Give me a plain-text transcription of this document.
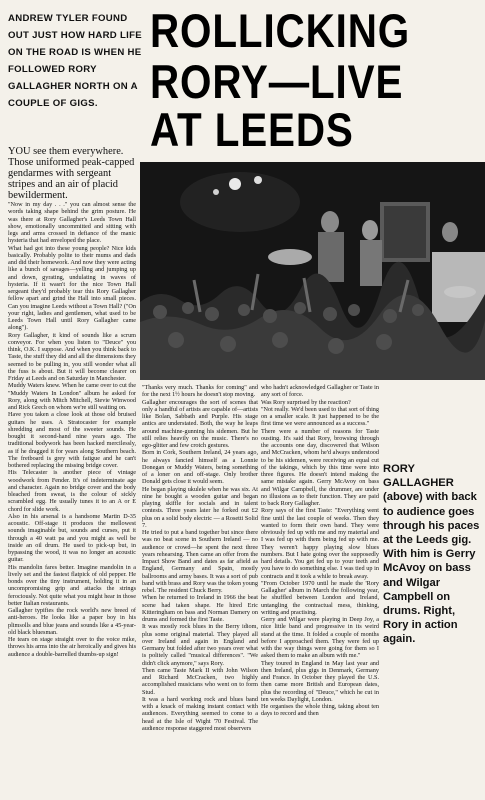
ANDREW TYLER FOUND OUT JUST HOW HARD LIFE ON THE ROAD IS WHEN HE FOLLOWED RORY GALLAGHER NORTH ON A COUPLE OF GIGS.
ROLLICKING
RORY—LIVE
AT LEEDS
RORY GALLAGHER (above) with back to audience goes through his paces at the Leeds gig. With him is Gerry McAvoy on bass and Wilgar Campbell on drums. Right, Rory in action again.

YOU see them everywhere. Those uniformed peak-capped gendarmes with sergeant stripes and an air of placid bewilderment.

"Now in my day . . ." you can almost sense the words taking shape behind the grim posture. He was there at Rory Gallagher's Leeds Town Hall show, emotionally uncommitted and sitting with legs and arms crossed in defiance of the manic hysteria that had enveloped the place.

What had got into these young people? Nice kids basically. Probably polite to their mums and dads and did their homework. And now they were acting like a bunch of savages—yelling and jumping up and down, gyrating, undulating in waves of hysteria. If it wasn't for the nice Town Hall sergeant they'd probably tear this Rory Gallagher fellow apart and grind the Hall into small pieces. Can you imagine Leeds without a Town Hall? ("On your right, ladies and gentlemen, what used to be Leeds Town Hall until Rory Gallagher came along").

Rory Gallagher, it kind of sounds like a scrum conveyor. For when you listen to "Deuce" you think, O.K. I suppose. And when you think back to Taste, the stuff they did and all the dimensions they seemed to be pulling in, you still wonder what all the fuss is about. But it will become clearer on Friday at Leeds and on Saturday in Manchester.

Muddy Waters knew. When he came over to cut the "Muddy Waters In London" album he asked for Rory, along with Mitch Mitchell, Stevie Winwood and Rick Grech on whom we're still waiting on.

Have you taken a close look at those old bruised guitars he uses. A Stratocaster for example shredding and most of the sweeter sounds. He bought it second-hand nine years ago. The traditional bodywork has been hacked mercilessly, as if he dragged it for years along Southern beach. The fretboard is grey with fatigue and he can't bothered replacing the missing bridge cover.

His Telecaster is another piece of vintage woodwork from Fender. It's of indeterminate age and character. Again no bridge cover and the body bleached from sweat, is the colour of sickly scrambled egg. He usually tunes it to an A or E chord for slide work.

Also in his arsenal is a handsome Martin D-35 acoustic. Off-stage it produces the mellowest sounds imaginable but, sounds and curses, put it through a 40 watt pa and you might as well be inside an oil drum. He used to pick-up but, in bypassing the wood, it was no longer an acoustic guitar.

His mandolin fares better. Imagine mandolin in a lively set and the fastest flatpick of old pepper. He bonds over the tiny instrument, holding it in an uncompromising grip and attacks the strings ferociously. Not quite what you might hear in those better Italian restaurants.

Gallagher typifies the rock world's new breed of anti-heroes. He looks like a paper boy in his plimsolls and blue jeans and sounds like a 45-year-old black bluesman.

He tears on stage straight over to the voice mike, throws his arms into the air heroically and gives his audience a double-barrelled thumbs-up sign!

"Thanks very much. Thanks for coming" and for the next 1½ hours he doesn't stop moving.

Gallagher encourages the sort of scenes that only a handful of artists are capable of—artists like Bolan, Sabbath and Purple. His stage antics are understated. Both, the way he leaps around machine-gunning his sidemen. But he still relies heavily on the music. There's no ego-glitter and few crotch gestures.

Born in Cork, Southern Ireland, 24 years ago, he always fancied himself as a Lonnie Donegan or Muddy Waters, being something of a loner on and off-stage. Only brother Donald gets close it would seem.

He began playing ukulele when he was six. At nine he bought a wooden guitar and began playing skiffle for socials and in talent contests. Three years later he forked out £2 plus on a solid body electric — a Rosetti Solid 7.

He tried to put a band together but since there was no beat scene in Southern Ireland — no audience or crowd—he spent the next three years rehearsing. Then came an offer from the Impact Show Band and dates as far afield as England, Germany and Spain, mostly ballrooms and army bases. It was a sort of pub band with brass and Rory was the token young rebel. The resident Chuck Berry.

When he returned to Ireland in 1966 the beat scene had taken shape. He hired Eric Kitteringham on bass and Norman Damery on drums and formed the first Taste.

It was mostly rock blues in the Berry idiom, plus some original material. They played all over Ireland and again in England and Germany but folded after two years over what is politely called "musical differences". "We didn't click anymore," says Rory.

Then came Taste Mark II with John Wilson and Richard McCracken, two highly accomplished musicians who went on to form Stud.

It was a hard working rock and blues band with a knack of making instant contact with audiences. Everything seemed to come to a head at the Isle of Wight '70 Festival. The audience response staggered most observers

who hadn't acknowledged Gallagher or Taste in any sort of force.

Was Rory surprised by the reaction?

"Not really. We'd been used to that sort of thing on a smaller scale. It just happened to be the first time we were announced as a success."

There were a number of reasons for Taste ousting. It's said that Rory, browsing through the accounts one day, discovered that Wilson and McCracken, whom he'd always understood to be his sidemen, were receiving an equal cut of the takings, which by this time were into three figures. He doesn't intend making the same mistake again. Gerry McAvoy on bass and Wilgar Campbell, the drummer, are under no illusions as to their function. They are paid to back Rory Gallagher.

Rory says of the first Taste: "Everything went fine until the last couple of weeks. Then they wanted to form their own band. They were obviously fed up with me and my material and I was fed up with them being fed up with me. They weren't happy playing slow blues numbers. But I hate going over the supposedly hard details. You get fed up to your teeth and you have to do something else. I was tied up in contracts and it took a while to break away.

"From October 1970 until he made the 'Rory Gallagher' album in March the following year, he shuffled between London and Ireland, untangling the contractual mess, thinking, writing and practising.

Gerry and Wilgar were playing in Deep Joy, a nice little band and progressive in its weird stand at the time. It folded a couple of months before I approached them. They were fed up with the way things were going for them so I asked them to make an album with me."

They toured in England in May last year and then Ireland, plus gigs in Denmark, Germany and France. In October they played the U.S. then came more British and European dates, plus the recording of "Deuce," which he cut in ten weeks Daylight, London.

He organises the whole thing, taking about ten days to record and then
